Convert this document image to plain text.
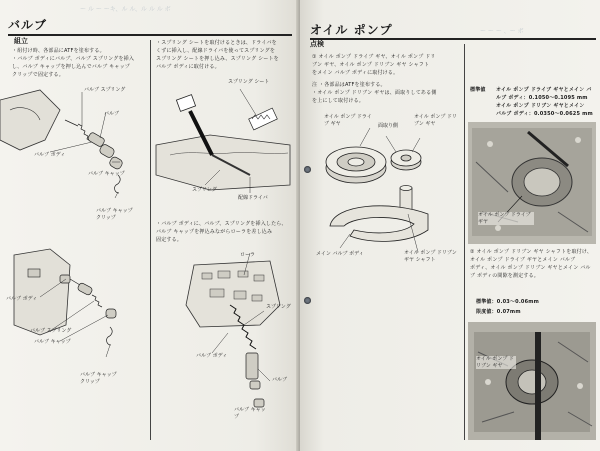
ー ル ー ーキ、ル ル、ル ル ル ボ
バルブ
組立
・組付け時、各部品にATFを塗布する。
・バルブ ボディにバルブ、バルブ スプリングを挿入
し、バルブ キャップを押し込んでバルブ キャップ
クリップで固定する。
・スプリング シートを取付けるときは、ドライバを
くずに挿入し、配線ドライバを使ってスプリングを
スプリング シートを押し込み、スプリング シートを
バルブ ボディに取付ける。
・バルブ ボディに、バルブ、スプリングを挿入したら、
バルブ キャップを押込みながらローラを差し込み
固定する。
バルブ スプリング
バルブ
バルブ ボディ
バルブ キャップ
バルブ キャップ クリップ
スプリング シート
スプリング
配線ドライバ
バルブ ボディ
バルブ スプリング
バルブ キャップ
バルブ キャップ クリップ
ローラ
スプリング
バルブ ボディ
バルブ
バルブ キャップ
ー ー ー 、ー ポ
オイル ポンプ
点検
① オイル ポンプ ドライブ ギヤ、オイル ポンプ ドリ
ブン ギヤ、オイル ポンプ ドリブン ギヤ シャフト
をメイン バルブ ボディに取付ける。
注 ・各部品はATFを塗布する。
・オイル ポンプ ドリブン ギヤは、面取りしてある側
を上にして取付ける。
オイル ポンプ ドライブ ギヤ	面取り側
オイル ポンプ ドリブン ギヤ
メイン バルブ ボディ	オイル ポンプ ドリブン ギヤ シャフト
標準値 オイル ポンプ ドライブ ギヤとメイン バ
ルブ ボディ：0.1050～0.1095 mm
オイル ポンプ ドリブン ギヤとメイン
バルブ ボディ：0.0350～0.0625 mm
オイル ポンプ ドライブ ギヤ
② オイル ポンプ ドリブン ギヤ シャフトを取付け、
オイル ポンプ ドライブ ギヤとメイン バルブ
ボディ、オイル ポンプ ドリブン ギヤとメイン バル
ブ ボディの間隙を測定する。
標準値：0.03～0.06mm
限度値：0.07mm
オイル ポンプ ドリブン ギヤ
